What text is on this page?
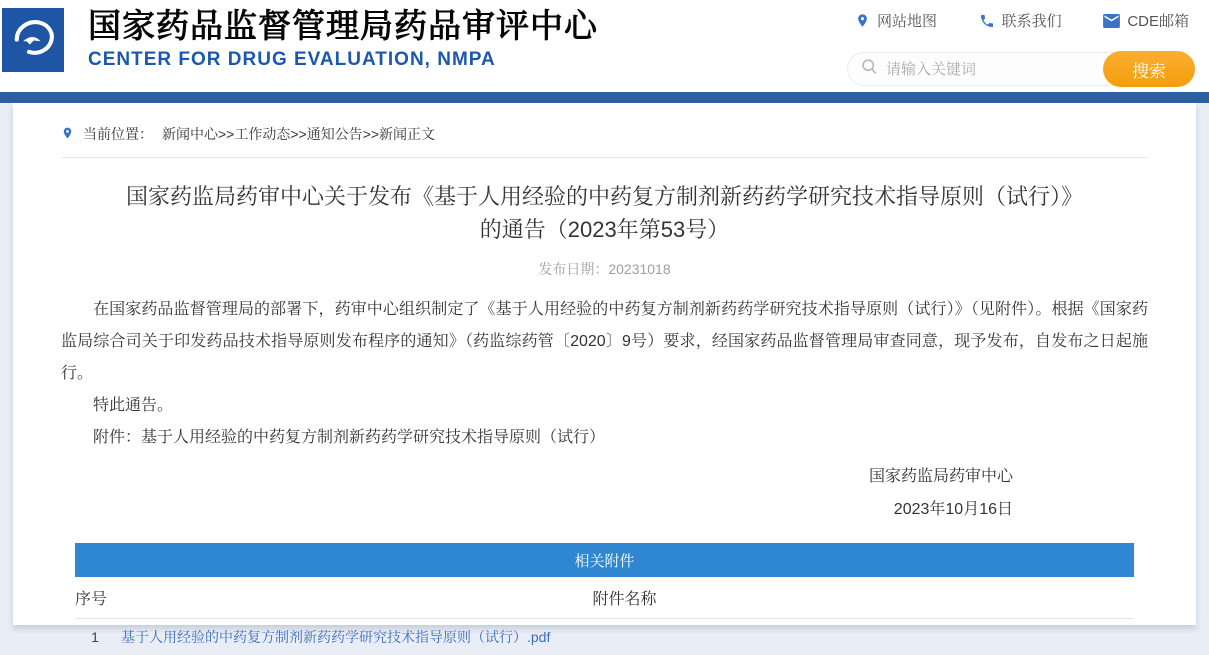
国家药品监督管理局药品审评中心
CENTER FOR DRUG EVALUATION, NMPA
网站地图	联系我们	CDE邮箱
请输入关键词
搜索
当前位置： 新闻中心>>工作动态>>通知公告>>新闻正文
国家药监局药审中心关于发布《基于人用经验的中药复方制剂新药药学研究技术指导原则（试行）》
的通告（2023年第53号）
发布日期：20231018

在国家药品监督管理局的部署下，药审中心组织制定了《基于人用经验的中药复方制剂新药药学研究技术指导原则（试行）》（见附件）。根据《国家药监局综合司关于印发药品技术指导原则发布程序的通知》（药监综药管〔2020〕9号）要求，经国家药品监督管理局审查同意，现予发布，自发布之日起施行。

特此通告。

附件：基于人用经验的中药复方制剂新药药学研究技术指导原则（试行）

国家药监局药审中心
2023年10月16日
相关附件
序号	附件名称
1	基于人用经验的中药复方制剂新药药学研究技术指导原则（试行）.pdf
